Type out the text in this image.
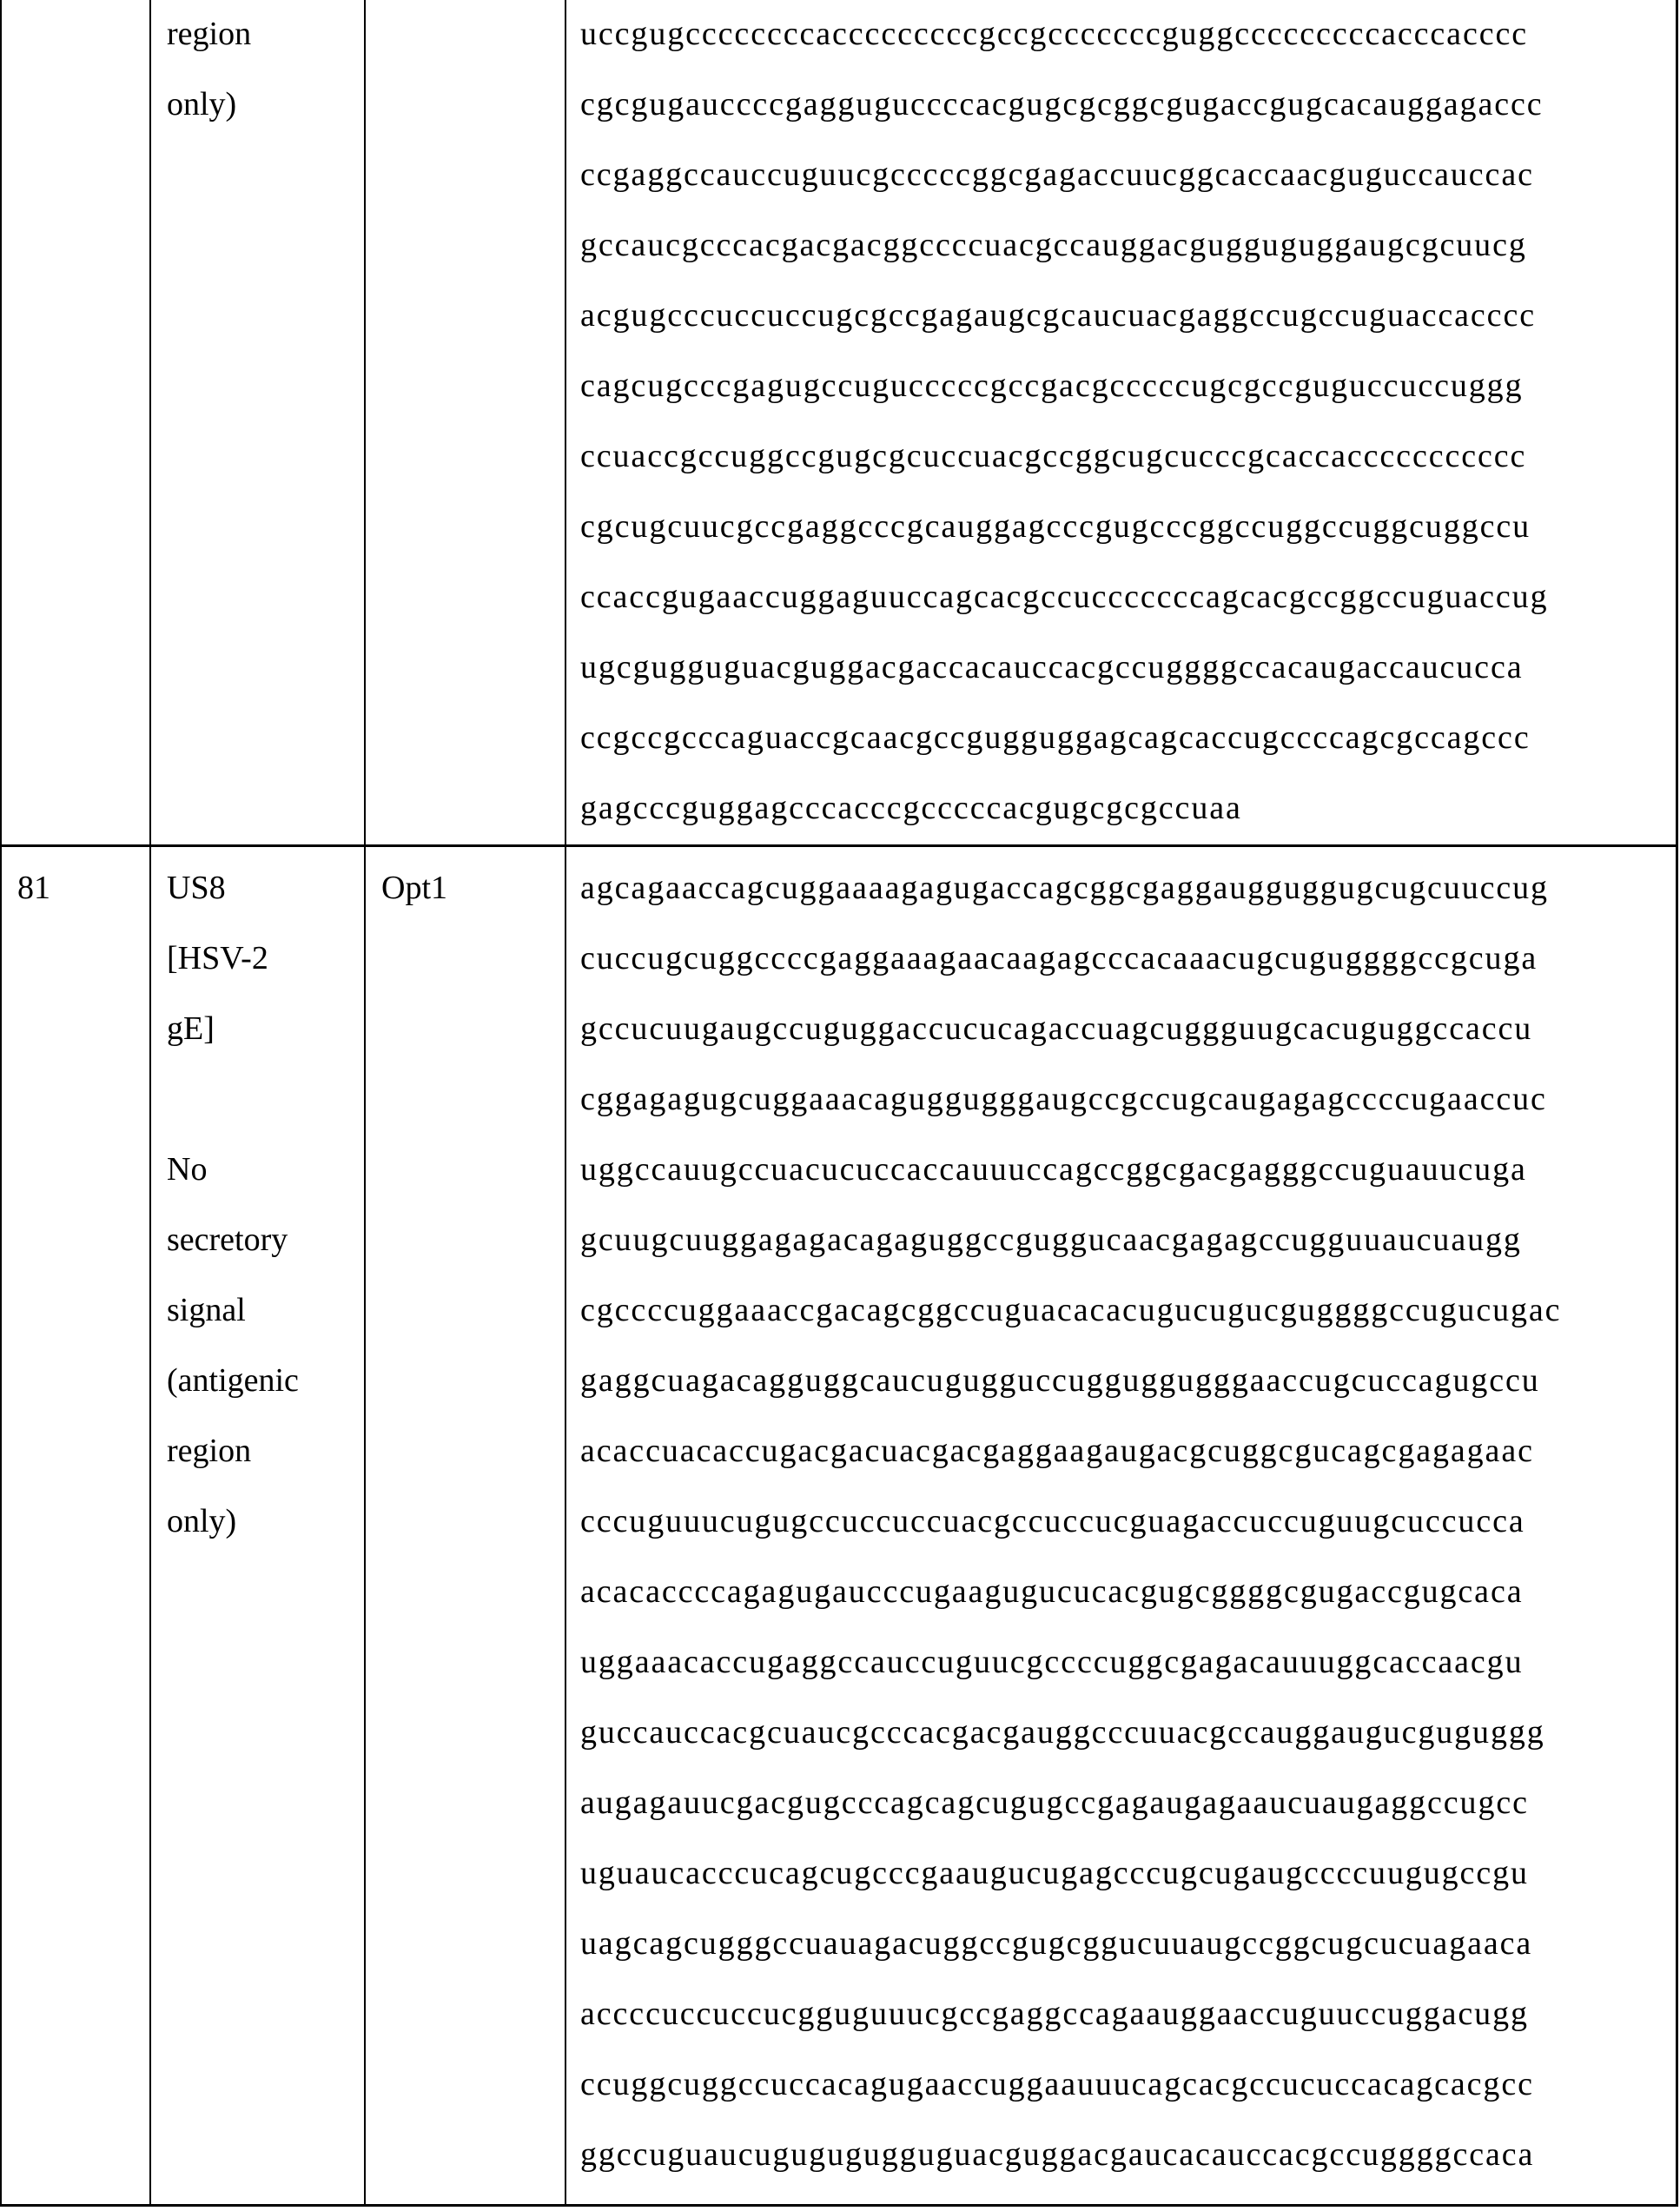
region
only)
uccgugccccccccacccccccccgccgcccccccguggcccccccccacccacccc
cgcgugauccccgagguguccccacgugcgcggcgugaccgugcacauggagaccc
ccgaggccauccuguucgcccccggcgagaccuucggcaccaacguguccauccac
gccaucgcccacgacgacggccccuacgccauggacgugguguggaugcgcuucg
acgugcccuccuccugcgccgagaugcgcaucuacgaggccugccuguaccacccc
cagcugcccgagugccugucccccgccgacgcccccugcgccguguccuccuggg
ccuaccgccuggccgugcgcuccuacgccggcugcucccgcaccaccccccccccc
cgcugcuucgccgaggcccgcauggagcccgugcccggccuggccuggcuggccu
ccaccgugaaccuggaguuccagcacgccucccccccagcacgccggccuguaccug
ugcgugguguacguggacgaccacauccacgccuggggccacaugaccaucucca
ccgccgcccaguaccgcaacgccgugguggagcagcaccugccccagcgccagccc
gagcccguggagcccacccgcccccacgugcgcgccuaa
81	US8
[HSV-2
gE]
No
secretory
signal
(antigenic
region
only)
Opt1	agcagaaccagcuggaaaagagugaccagcggcgaggaugguggugcugcuuccug
cuccugcuggccccgaggaaagaacaagagcccacaaacugcuguggggccgcuga
gccucuugaugccuguggaccucucagaccuagcuggguugcacuguggccaccu
cggagagugcuggaaacaguggugggaugccgccugcaugagagccccugaaccuc
uggccauugccuacucuccaccauuuccagccggcgacgagggccuguauucuga
gcuugcuuggagagacagaguggccguggucaacgagagccugguuaucuaugg
cgccccuggaaaccgacagcggccuguacacacugucugucguggggccugucugac
gaggcuagacagguggcaucugugguccugguggugggaaccugcuccagugccu
acaccuacaccugacgacuacgacgaggaagaugacgcuggcgucagcgagagaac
cccuguuucugugccuccuccuacgccuccucguagaccuccuguugcuccucca
acacaccccagagugaucccugaagugucucacgugcggggcgugaccgugcaca
uggaaacaccugaggccauccuguucgccccuggcgagacauuuggcaccaacgu
guccauccacgcuaucgcccacgacgauggcccuuacgccauggaugucguguggg
augagauucgacgugcccagcagcugugccgagaugagaaucuaugaggccugcc
uguaucacccucagcugcccgaaugucugagcccugcugaugccccuugugccgu
uagcagcugggccuauagacuggccgugcggucuuaugccggcugcucuagaaca
accccuccuccucgguguuucgccgaggccagaauggaaccuguuccuggacugg
ccuggcuggccuccacagugaaccuggaauuucagcacgccucuccacagcacgcc
ggccuguaucugugugugguguacguggacgaucacauccacgccuggggccaca
